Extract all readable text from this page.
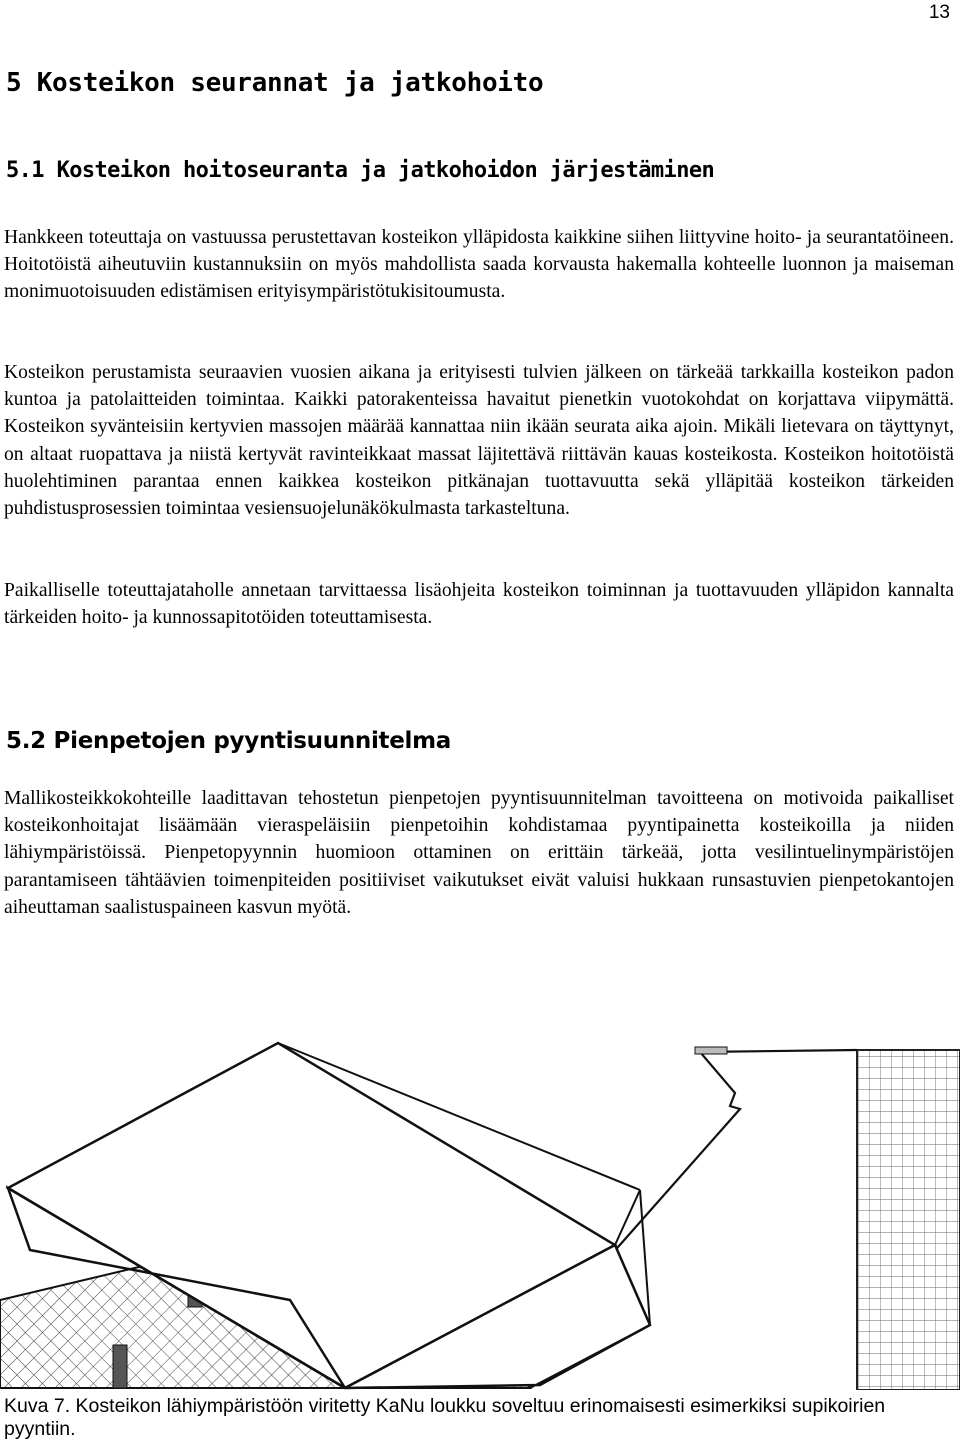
13
5 Kosteikon seurannat ja jatkohoito
5.1 Kosteikon hoitoseuranta ja jatkohoidon järjestäminen

Hankkeen toteuttaja on vastuussa perustettavan kosteikon ylläpidosta kaikkine siihen liittyvine hoito- ja seurantatöineen. Hoitotöistä aiheutuviin kustannuksiin on myös mahdollista saada korvausta hakemalla kohteelle luonnon ja maiseman monimuotoisuuden edistämisen erityisympäristötukisitoumusta.

Kosteikon perustamista seuraavien vuosien aikana ja erityisesti tulvien jälkeen on tärkeää tarkkailla kosteikon padon kuntoa ja patolaitteiden toimintaa. Kaikki patorakenteissa havaitut pienetkin vuotokohdat on korjattava viipymättä. Kosteikon syvänteisiin kertyvien massojen määrää kannattaa niin ikään seurata aika ajoin. Mikäli lietevara on täyttynyt, on altaat ruopattava ja niistä kertyvät ravinteikkaat massat läjitettävä riittävän kauas kosteikosta. Kosteikon hoitotöistä huolehtiminen parantaa ennen kaikkea kosteikon pitkänajan tuottavuutta sekä ylläpitää kosteikon tärkeiden puhdistusprosessien toimintaa vesiensuojelunäkökulmasta tarkasteltuna.

Paikalliselle toteuttajataholle annetaan tarvittaessa lisäohjeita kosteikon toiminnan ja tuottavuuden ylläpidon kannalta tärkeiden hoito- ja kunnossapitotöiden toteuttamisesta.

5.2 Pienpetojen pyyntisuunnitelma

Mallikosteikkokohteille laadittavan tehostetun pienpetojen pyyntisuunnitelman tavoitteena on motivoida paikalliset kosteikonhoitajat lisäämään vieraspeläisiin pienpetoihin kohdistamaa pyyntipainetta kosteikoilla ja niiden lähiympäristöissä. Pienpetopyynnin huomioon ottaminen on erittäin tärkeää, jotta vesilintuelinympäristöjen parantamiseen tähtäävien toimenpiteiden positiiviset vaikutukset eivät valuisi hukkaan runsastuvien pienpetokantojen aiheuttaman saalistuspaineen kasvun myötä.

Kuva 7. Kosteikon lähiympäristöön viritetty KaNu loukku soveltuu erinomaisesti esimerkiksi supikoirien pyyntiin.
